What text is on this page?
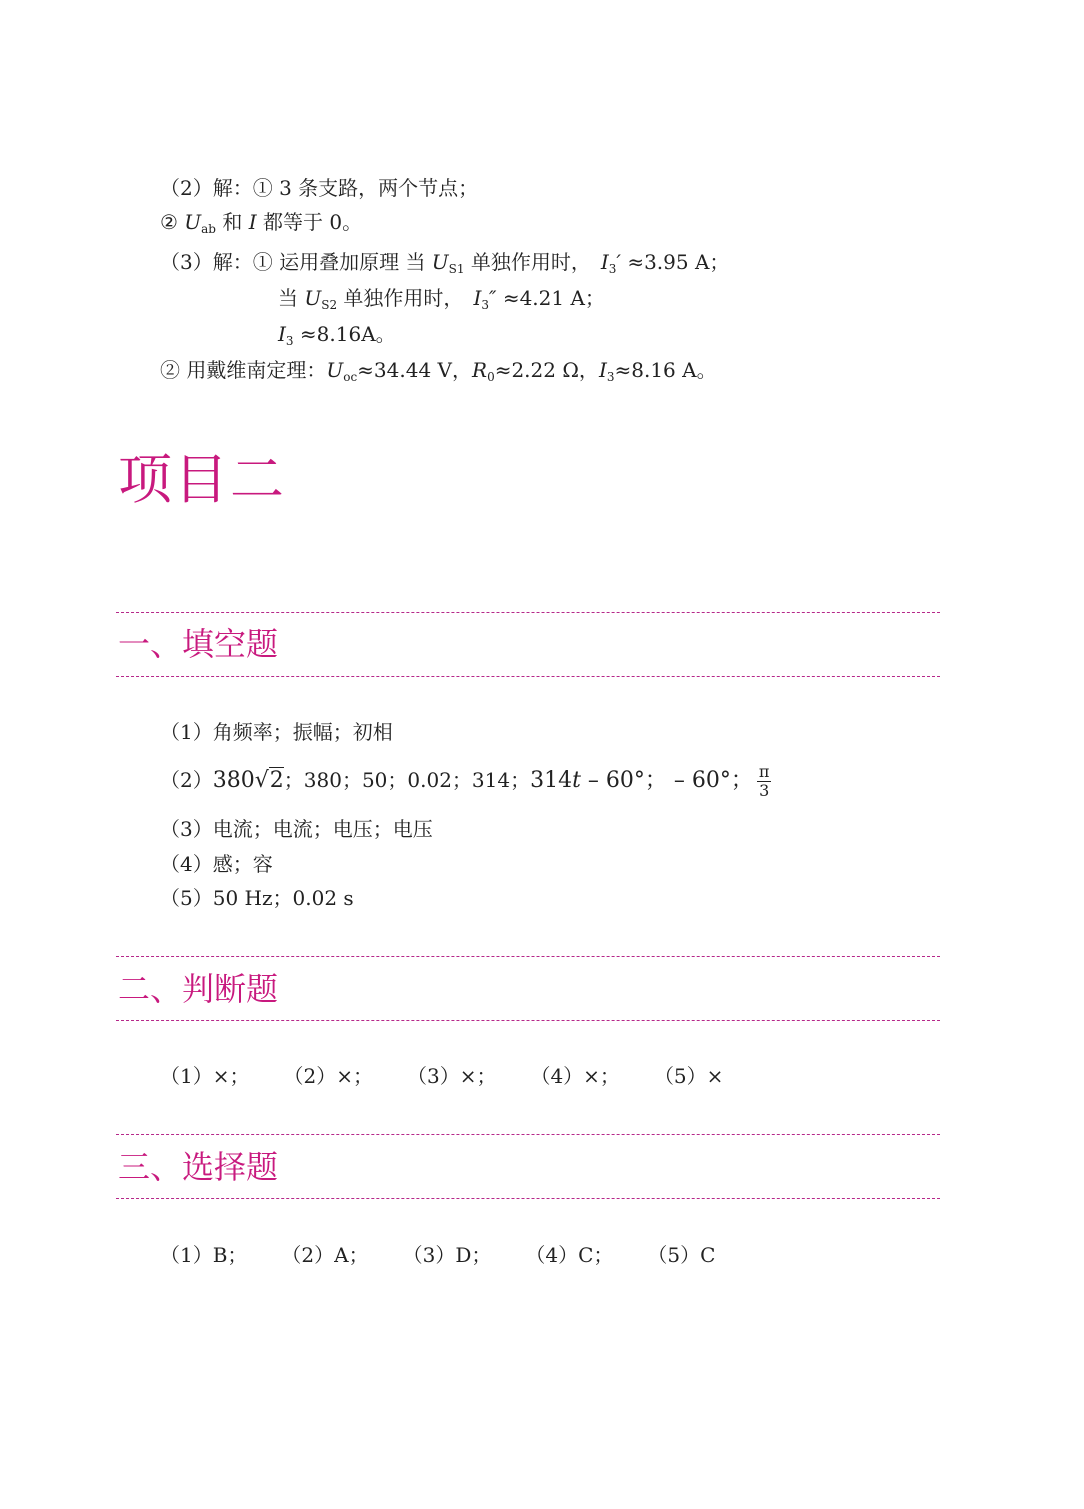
（2）解：① 3 条支路，两个节点；
② $U_{ab}$ 和 I 都等于 0。
（3）解：① 运用叠加原理 当 $U_{S1}$ 单独作用时， $I_3' \approx 3.95$ A；
当 $U_{S2}$ 单独作用时， $I_3'' \approx 4.21$ A；
$I_3 \approx 8.16A$。
② 用戴维南定理：$U_{oc}\approx 34.44$ V，$R_0\approx 2.22$ Ω，$I_3\approx 8.16$ A。
项目二
一、填空题
（1）角频率；振幅；初相
（2）380√2；380；50；0.02；314；314t – 60°； – 60°； $\frac{\pi}{3}$
（3）电流；电流；电压；电压
（4）感；容
（5）50 Hz；0.02 s
二、判断题
（1）×； （2）×； （3）×； （4）×； （5）×
三、选择题
（1）B； （2）A； （3）D； （4）C； （5）C
